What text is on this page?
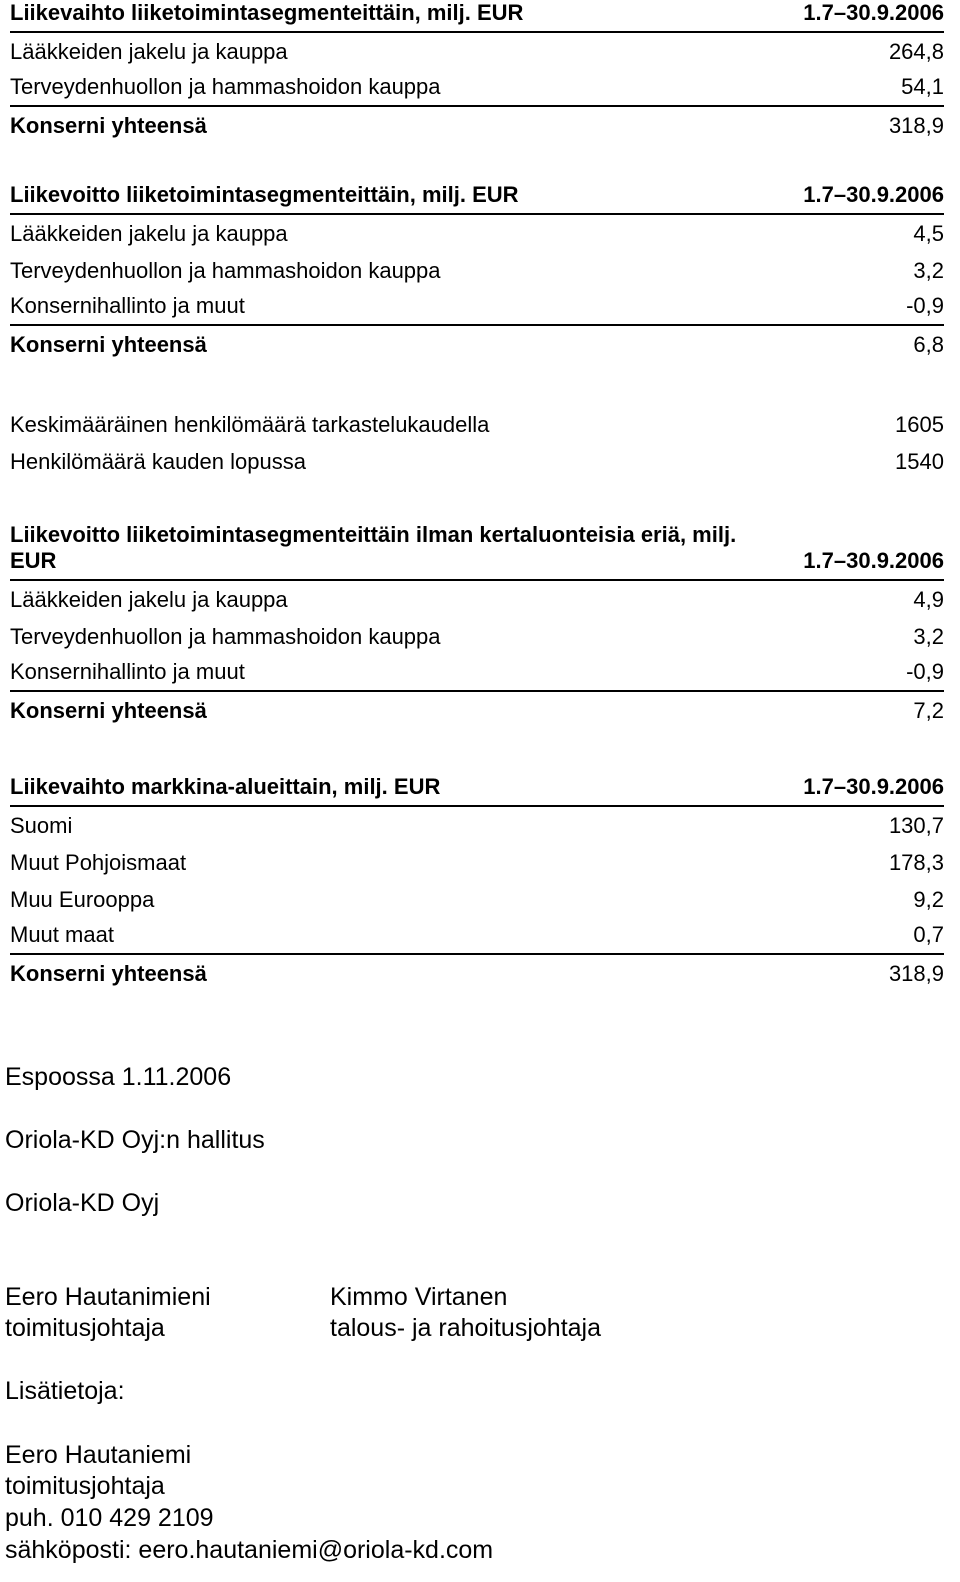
Liikevaihto liiketoimintasegmenteittäin, milj. EUR	1.7–30.9.2006
Lääkkeiden jakelu ja kauppa	264,8
Terveydenhuollon ja hammashoidon kauppa	54,1
Konserni yhteensä	318,9
Liikevoitto liiketoimintasegmenteittäin, milj. EUR	1.7–30.9.2006
Lääkkeiden jakelu ja kauppa	4,5
Terveydenhuollon ja hammashoidon kauppa	3,2
Konsernihallinto ja muut	-0,9
Konserni yhteensä	6,8
Keskimääräinen henkilömäärä tarkastelukaudella	1605
Henkilömäärä kauden lopussa	1540
Liikevoitto liiketoimintasegmenteittäin ilman kertaluonteisia eriä, milj. EUR	1.7–30.9.2006
Lääkkeiden jakelu ja kauppa	4,9
Terveydenhuollon ja hammashoidon kauppa	3,2
Konsernihallinto ja muut	-0,9
Konserni yhteensä	7,2
Liikevaihto markkina-alueittain, milj. EUR	1.7–30.9.2006
Suomi	130,7
Muut Pohjoismaat	178,3
Muu Eurooppa	9,2
Muut maat	0,7
Konserni yhteensä	318,9
Espoossa 1.11.2006
Oriola-KD Oyj:n hallitus
Oriola-KD Oyj
Eero Hautanimieni
toimitusjohtaja
Kimmo Virtanen
talous- ja rahoitusjohtaja
Lisätietoja:
Eero Hautaniemi
toimitusjohtaja
puh. 010 429 2109
sähköposti: eero.hautaniemi@oriola-kd.com
